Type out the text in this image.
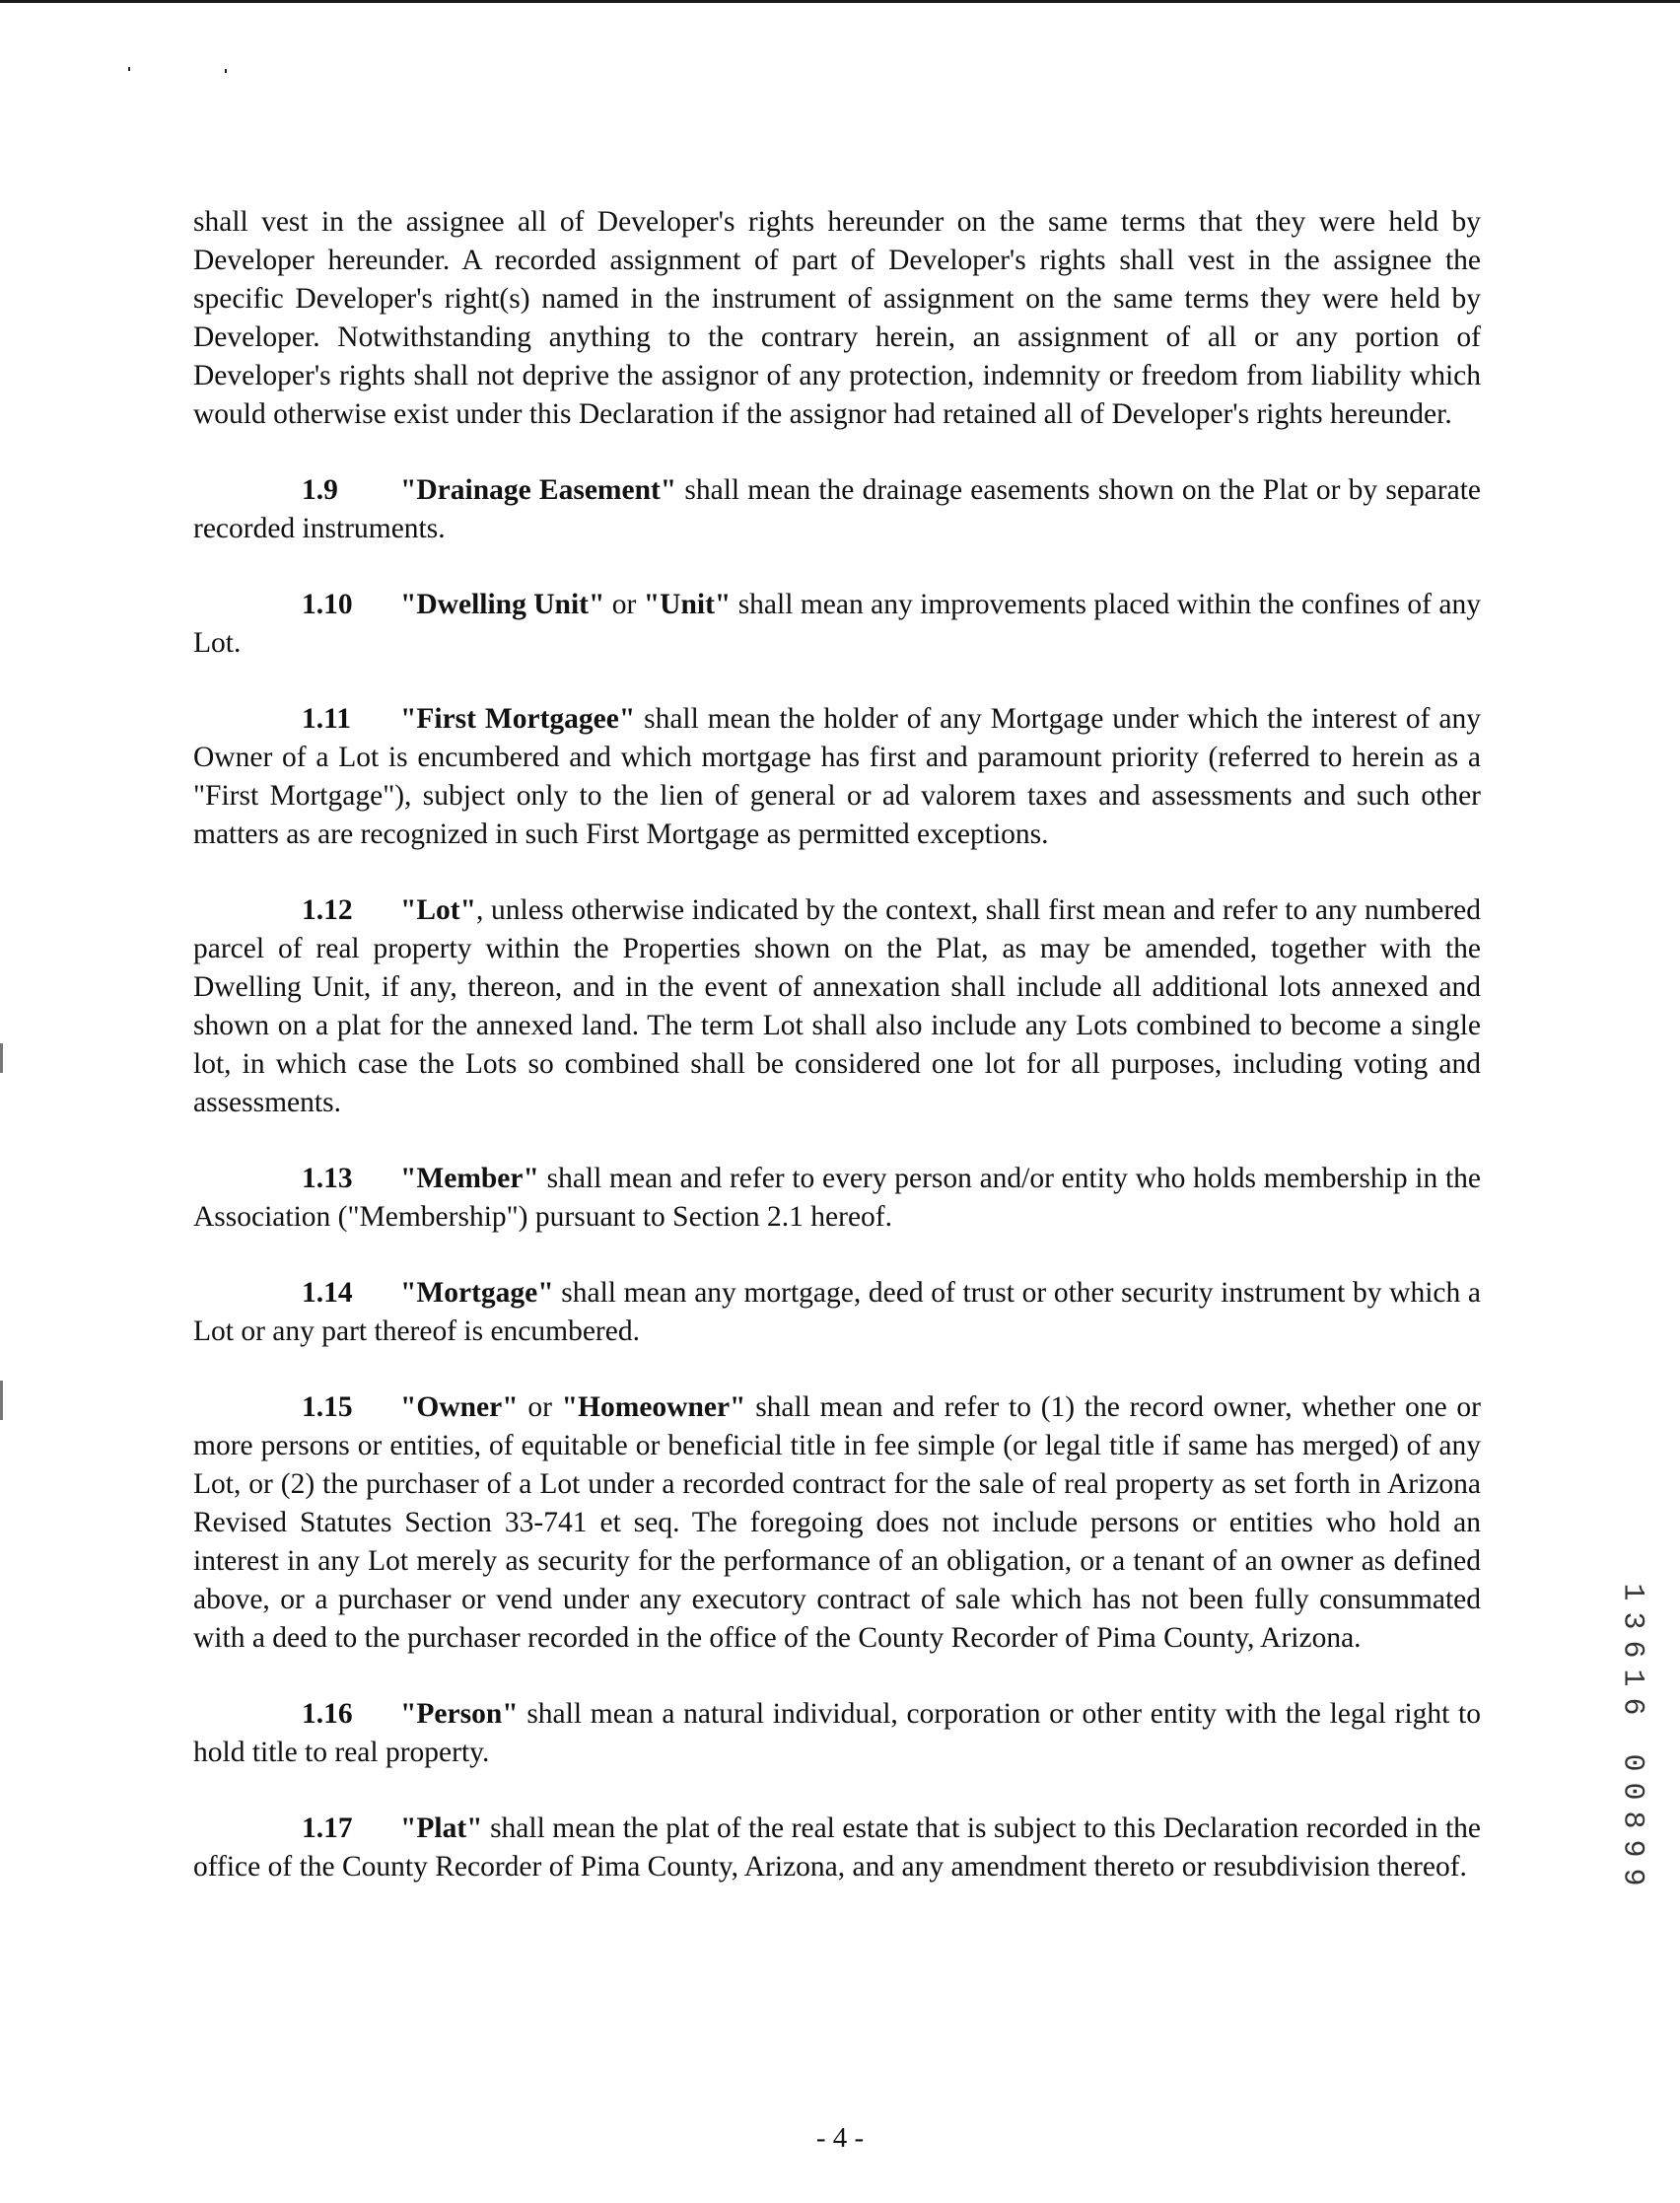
shall vest in the assignee all of Developer's rights hereunder on the same terms that they were held by Developer hereunder. A recorded assignment of part of Developer's rights shall vest in the assignee the specific Developer's right(s) named in the instrument of assignment on the same terms they were held by Developer. Notwithstanding anything to the contrary herein, an assignment of all or any portion of Developer's rights shall not deprive the assignor of any protection, indemnity or freedom from liability which would otherwise exist under this Declaration if the assignor had retained all of Developer's rights hereunder.

1.9 "Drainage Easement" shall mean the drainage easements shown on the Plat or by separate recorded instruments.

1.10 "Dwelling Unit" or "Unit" shall mean any improvements placed within the confines of any Lot.

1.11 "First Mortgagee" shall mean the holder of any Mortgage under which the interest of any Owner of a Lot is encumbered and which mortgage has first and paramount priority (referred to herein as a "First Mortgage"), subject only to the lien of general or ad valorem taxes and assessments and such other matters as are recognized in such First Mortgage as permitted exceptions.

1.12 "Lot", unless otherwise indicated by the context, shall first mean and refer to any numbered parcel of real property within the Properties shown on the Plat, as may be amended, together with the Dwelling Unit, if any, thereon, and in the event of annexation shall include all additional lots annexed and shown on a plat for the annexed land. The term Lot shall also include any Lots combined to become a single lot, in which case the Lots so combined shall be considered one lot for all purposes, including voting and assessments.

1.13 "Member" shall mean and refer to every person and/or entity who holds membership in the Association ("Membership") pursuant to Section 2.1 hereof.

1.14 "Mortgage" shall mean any mortgage, deed of trust or other security instrument by which a Lot or any part thereof is encumbered.

1.15 "Owner" or "Homeowner" shall mean and refer to (1) the record owner, whether one or more persons or entities, of equitable or beneficial title in fee simple (or legal title if same has merged) of any Lot, or (2) the purchaser of a Lot under a recorded contract for the sale of real property as set forth in Arizona Revised Statutes Section 33-741 et seq. The foregoing does not include persons or entities who hold an interest in any Lot merely as security for the performance of an obligation, or a tenant of an owner as defined above, or a purchaser or vend under any executory contract of sale which has not been fully consummated with a deed to the purchaser recorded in the office of the County Recorder of Pima County, Arizona.

1.16 "Person" shall mean a natural individual, corporation or other entity with the legal right to hold title to real property.

1.17 "Plat" shall mean the plat of the real estate that is subject to this Declaration recorded in the office of the County Recorder of Pima County, Arizona, and any amendment thereto or resubdivision thereof.

- 4 -
1
3
6
1
6
0
0
8
9
9
